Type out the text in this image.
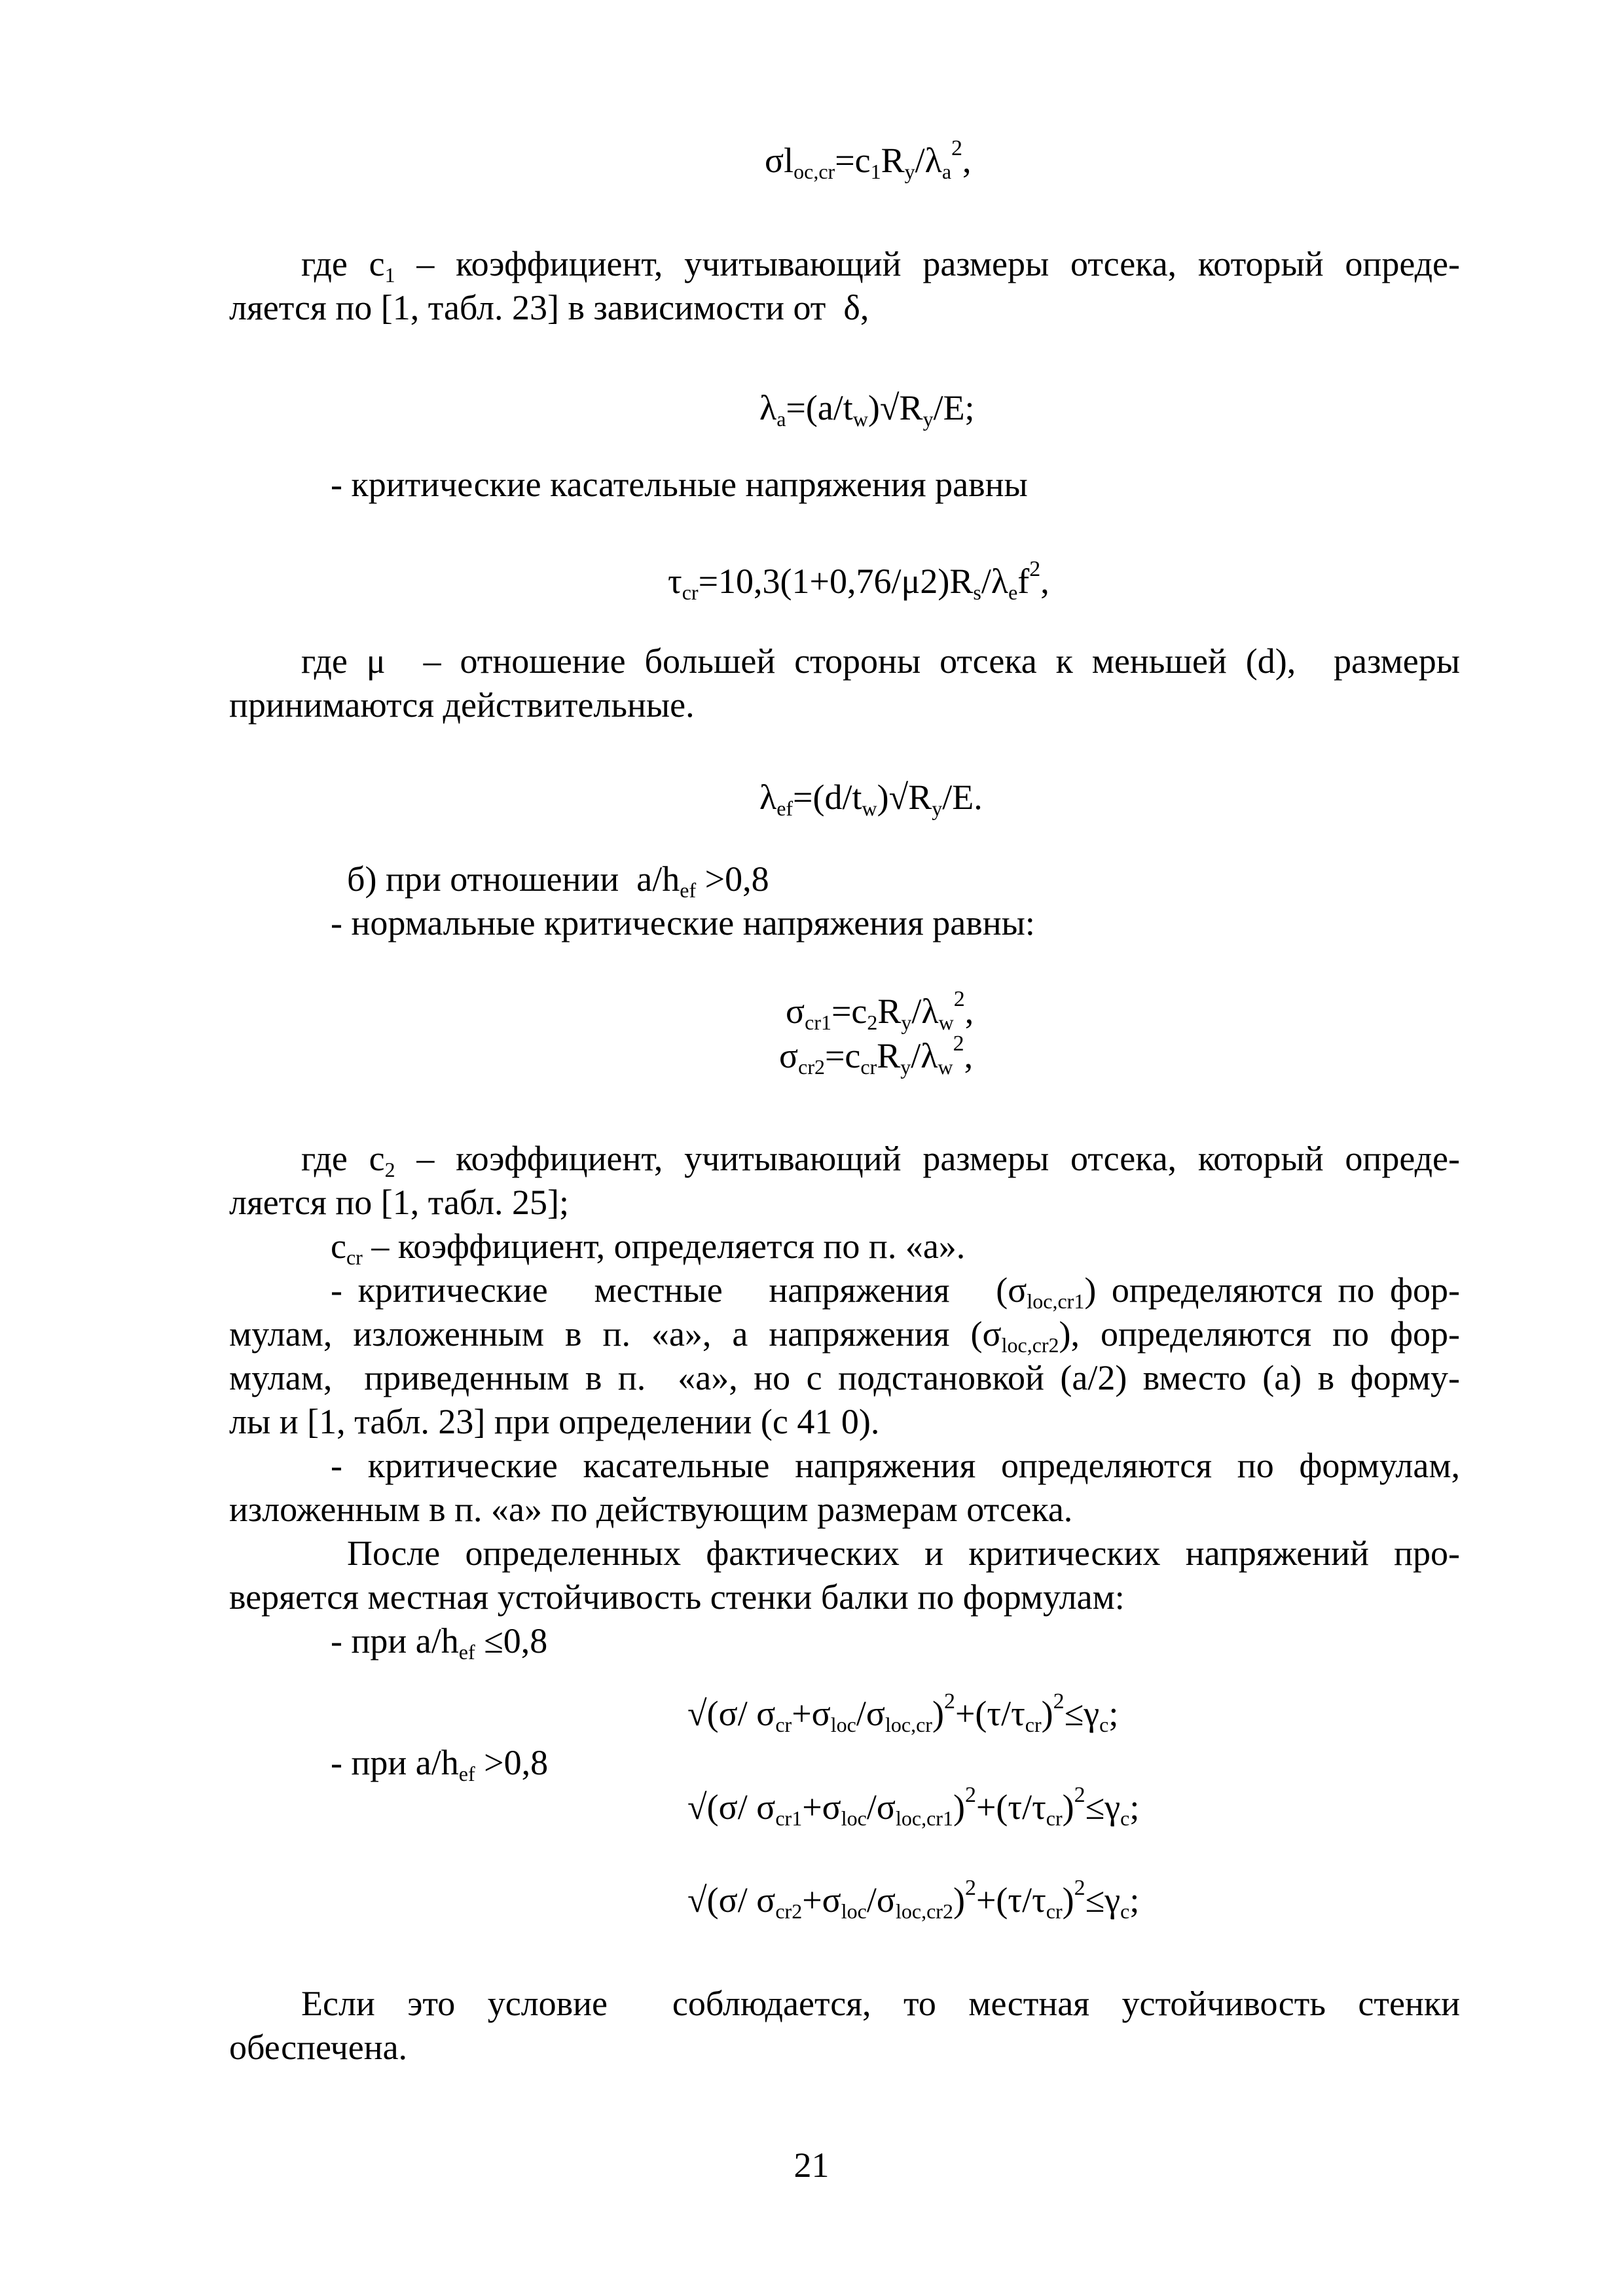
$\sigma l_{oc,cr}=c_1R_y/\lambda_a^2$,
где $с_1$ – коэффициент, учитывающий размеры отсека, который опреде-
ляется по [1, табл. 23] в зависимости от  δ,
$\lambda_a=(a/t_w)√R_y/E$;
- критические касательные напряжения равны
$\tau_{cr}=10,3(1+0,76/\mu 2)R_s/\lambda_ef^2$,
где μ  – отношение большей стороны отсека к меньшей (d),  размеры
принимаются действительные.
$\lambda_{ef}=(d/t_w)√R_y/E$.
б) при отношении  $a/h_{ef} >0,8$
- нормальные критические напряжения равны:
$\sigma_{cr1}=c_2R_y/\lambda_w^2$,
$\sigma_{cr2}=c_{cr}R_y/\lambda_w^2$,
где $с_2$ – коэффициент, учитывающий размеры отсека, который опреде-
ляется по [1, табл. 25];
$с_{cr}$ – коэффициент, определяется по п. «а».
- критические   местные   напряжения   $(\sigma_{loc,cr1})$ определяются по фор-
мулам, изложенным в п. «а», а напряжения $(\sigma_{loc,cr2})$, определяются по фор-
мулам,  приведенным в п.  «а», но с подстановкой (a/2) вместо (а) в форму-
лы и [1, табл. 23] при определении (с 41 0).
- критические касательные напряжения определяются по формулам,
изложенным в п. «а» по действующим размерам отсека.
После определенных фактических и критических напряжений про-
веряется местная устойчивость стенки балки по формулам:
- при $a/h_{ef} \le 0,8$
√(σ/ $\sigma_{cr}+\sigma_{loc}/\sigma_{loc,cr})^2+(\tau/\tau_{cr})^2\le\gamma_c$;
- при $a/h_{ef} >0,8$
√(σ/ $\sigma_{cr1}+\sigma_{loc}/\sigma_{loc,cr1})^2+(\tau/\tau_{cr})^2\le\gamma_c$;
√(σ/ $\sigma_{cr2}+\sigma_{loc}/\sigma_{loc,cr2})^2+(\tau/\tau_{cr})^2\le\gamma_c$;
Если это условие  соблюдается, то местная устойчивость стенки
обеспечена.
21
